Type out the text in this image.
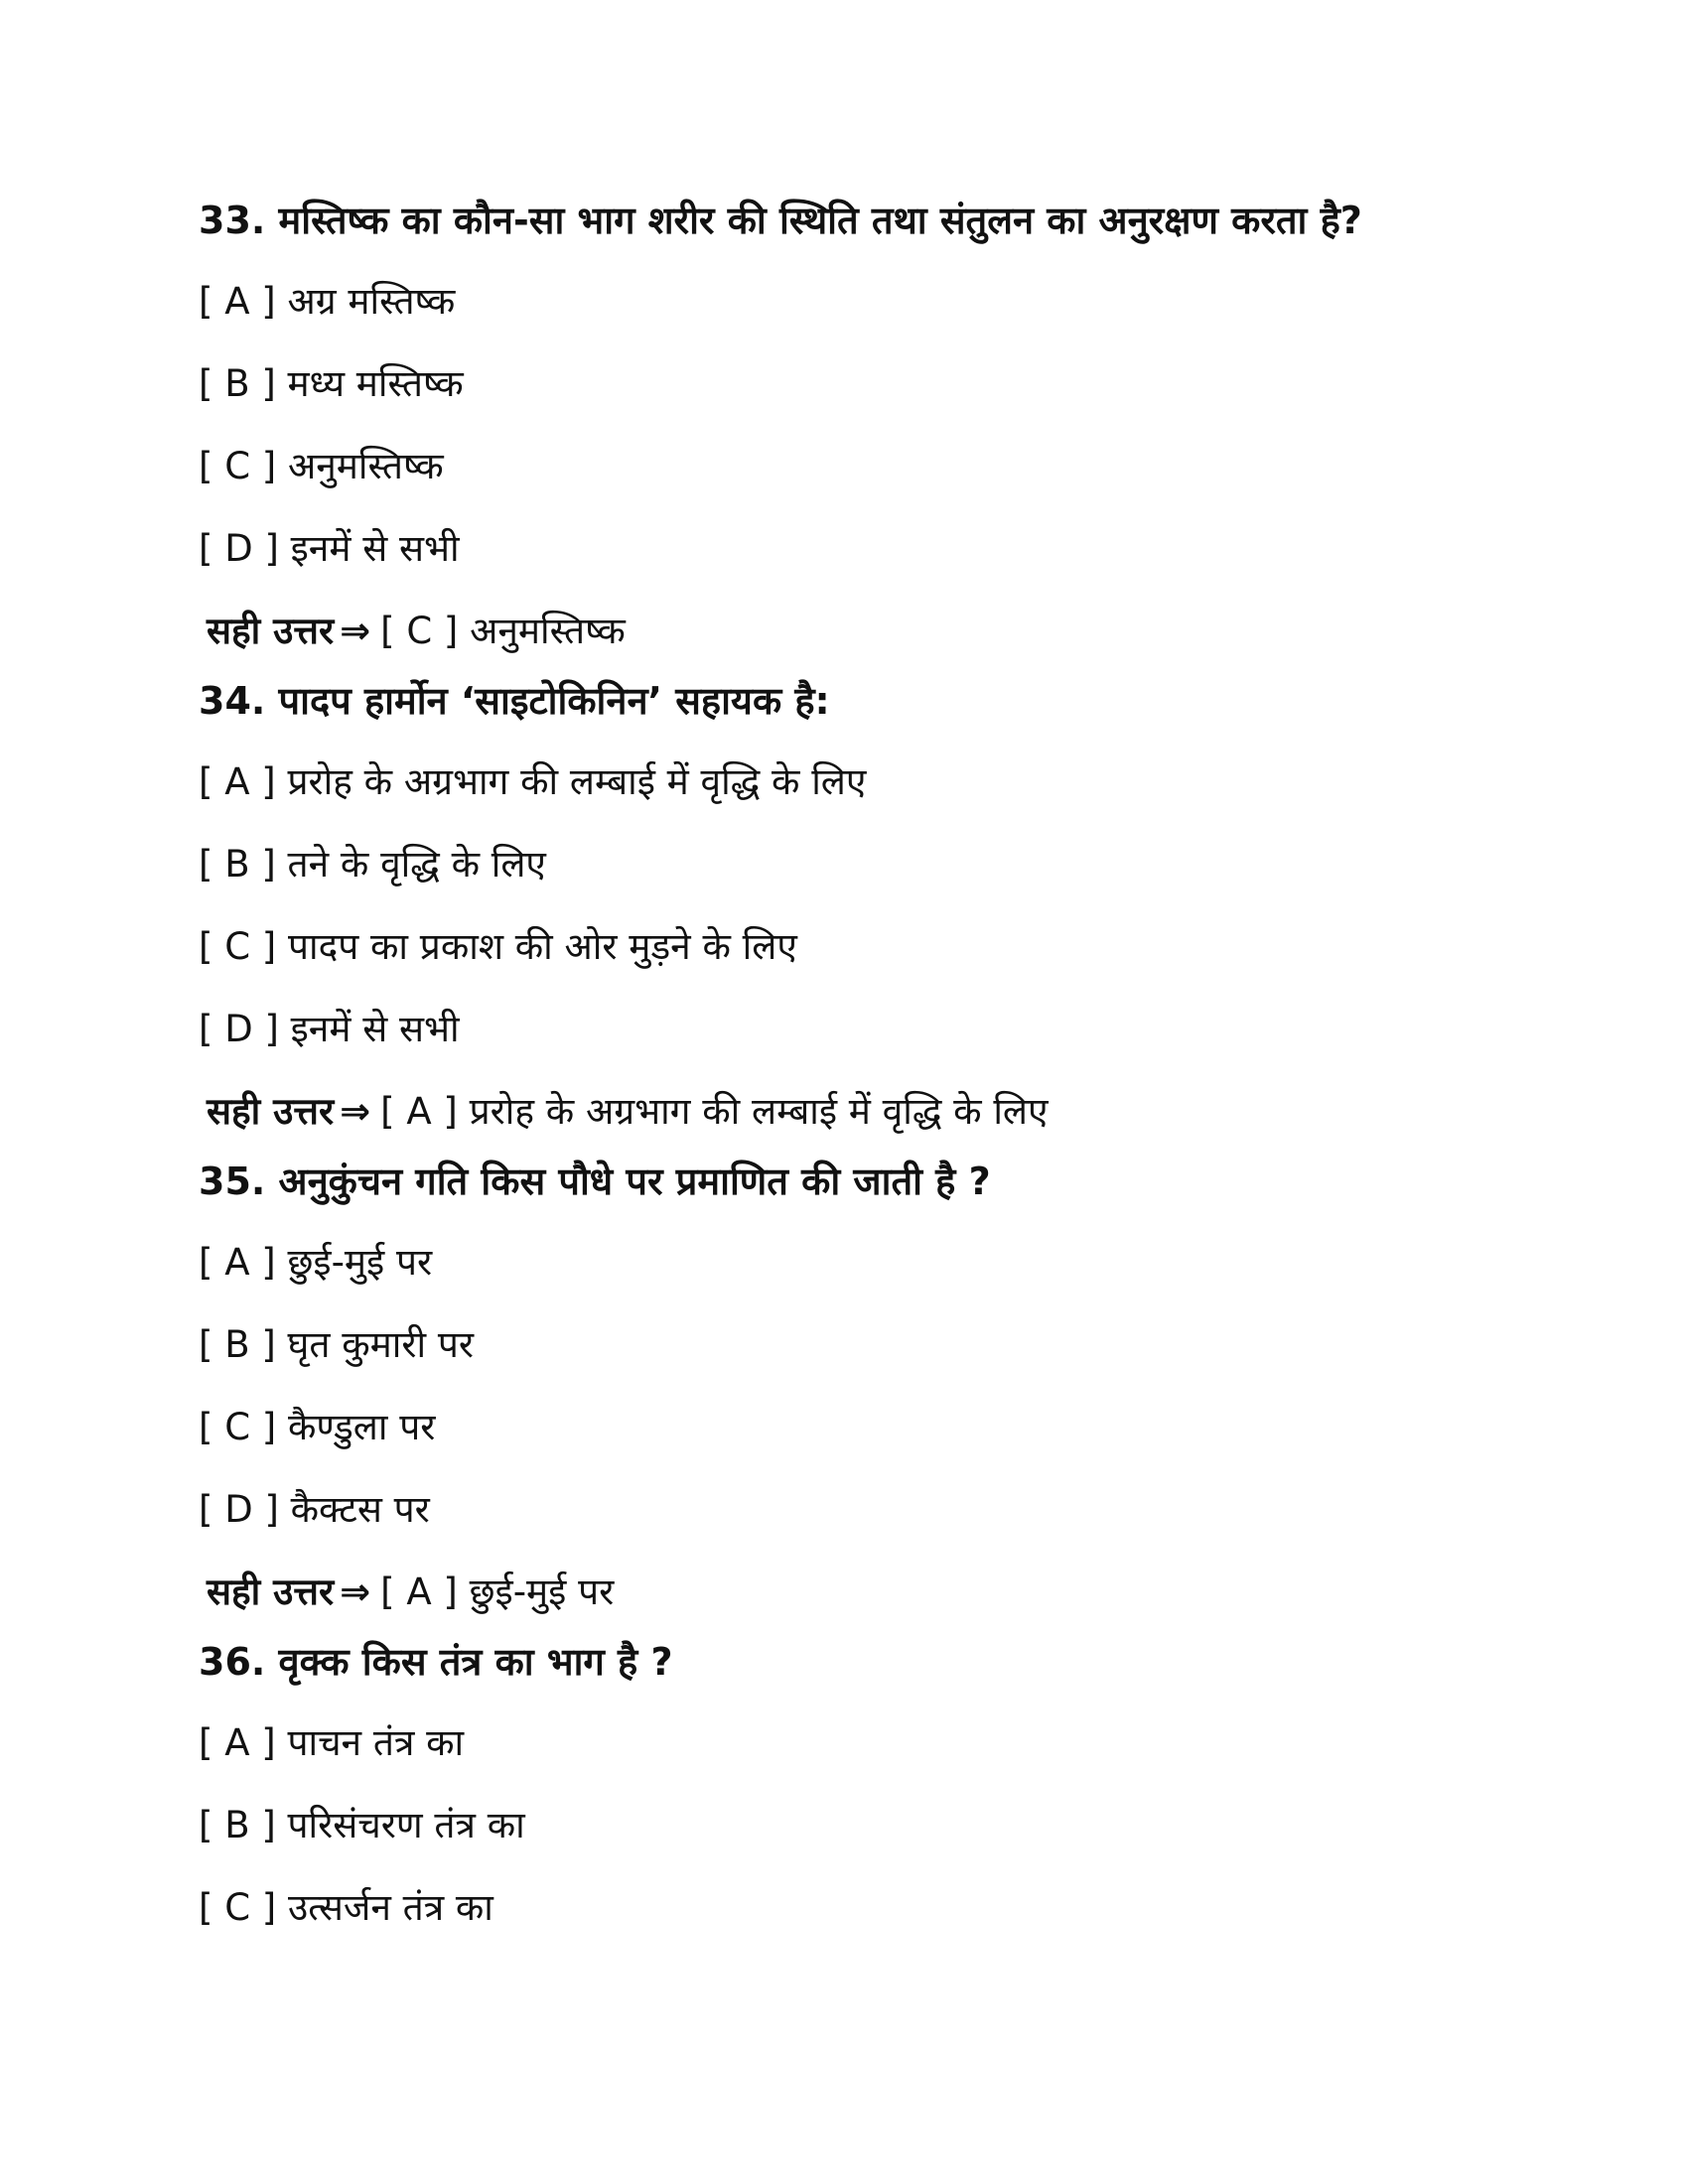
33. मस्तिष्क का कौन-सा भाग शरीर की स्थिति तथा संतुलन का अनुरक्षण करता है?
[ A ] अग्र मस्तिष्क
[ B ] मध्य मस्तिष्क
[ C ] अनुमस्तिष्क
[ D ] इनमें से सभी
सही उत्तर ⇒ [ C ] अनुमस्तिष्क
34. पादप हार्मोन ‘साइटोकिनिन’ सहायक है:
[ A ] प्ररोह के अग्रभाग की लम्बाई में वृद्धि के लिए
[ B ] तने के वृद्धि के लिए
[ C ] पादप का प्रकाश की ओर मुड़ने के लिए
[ D ] इनमें से सभी
सही उत्तर ⇒ [ A ] प्ररोह के अग्रभाग की लम्बाई में वृद्धि के लिए
35. अनुकुंचन गति किस पौधे पर प्रमाणित की जाती है ?
[ A ] छुई-मुई पर
[ B ] घृत कुमारी पर
[ C ] कैण्डुला पर
[ D ] कैक्टस पर
सही उत्तर ⇒ [ A ] छुई-मुई पर
36. वृक्क किस तंत्र का भाग है ?
[ A ] पाचन तंत्र का
[ B ] परिसंचरण तंत्र का
[ C ] उत्सर्जन तंत्र का
